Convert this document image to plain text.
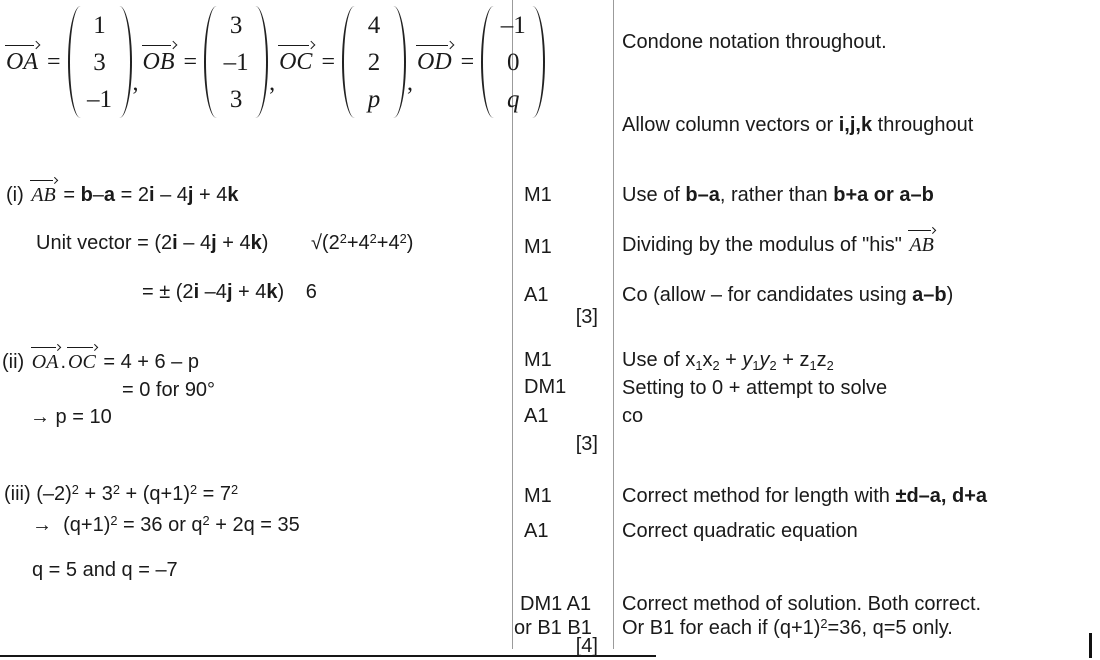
OA =
1
3
–1
,
OB =
3
–1
3
,
OC =
4
2
p
,
OD =
–1
0
q
(i) AB = b–a = 2i – 4j + 4k
Unit vector = (2i – 4j + 4k) $√(2^2+4^2+4^2)$
= ± (2i –4j + 4k) 6
(ii) OA . OC = 4 + 6 – p
= 0 for 90°
→ p = 10
(iii) $(-2)^2 + 3^2 + (q+1)^2 = 7^2$
→  $(q+1)^2 = 36$ or $q^2 + 2q = 35$
q = 5 and q = –7
M1
M1
A1
[3]
M1
DM1
A1
[3]
M1
A1
DM1 A1
or B1 B1
[4]
Condone notation throughout.
Allow column vectors or i,j,k throughout
Use of b–a, rather than b+a or a–b
Dividing by the modulus of "his" AB
Co (allow – for candidates using a–b)
Use of x1x2 + y1y2 + z1z2
Setting to 0 + attempt to solve
co
Correct method for length with ±d–a, d+a
Correct quadratic equation
Correct method of solution. Both correct.
Or B1 for each if $(q+1)^2=36$, q=5 only.
